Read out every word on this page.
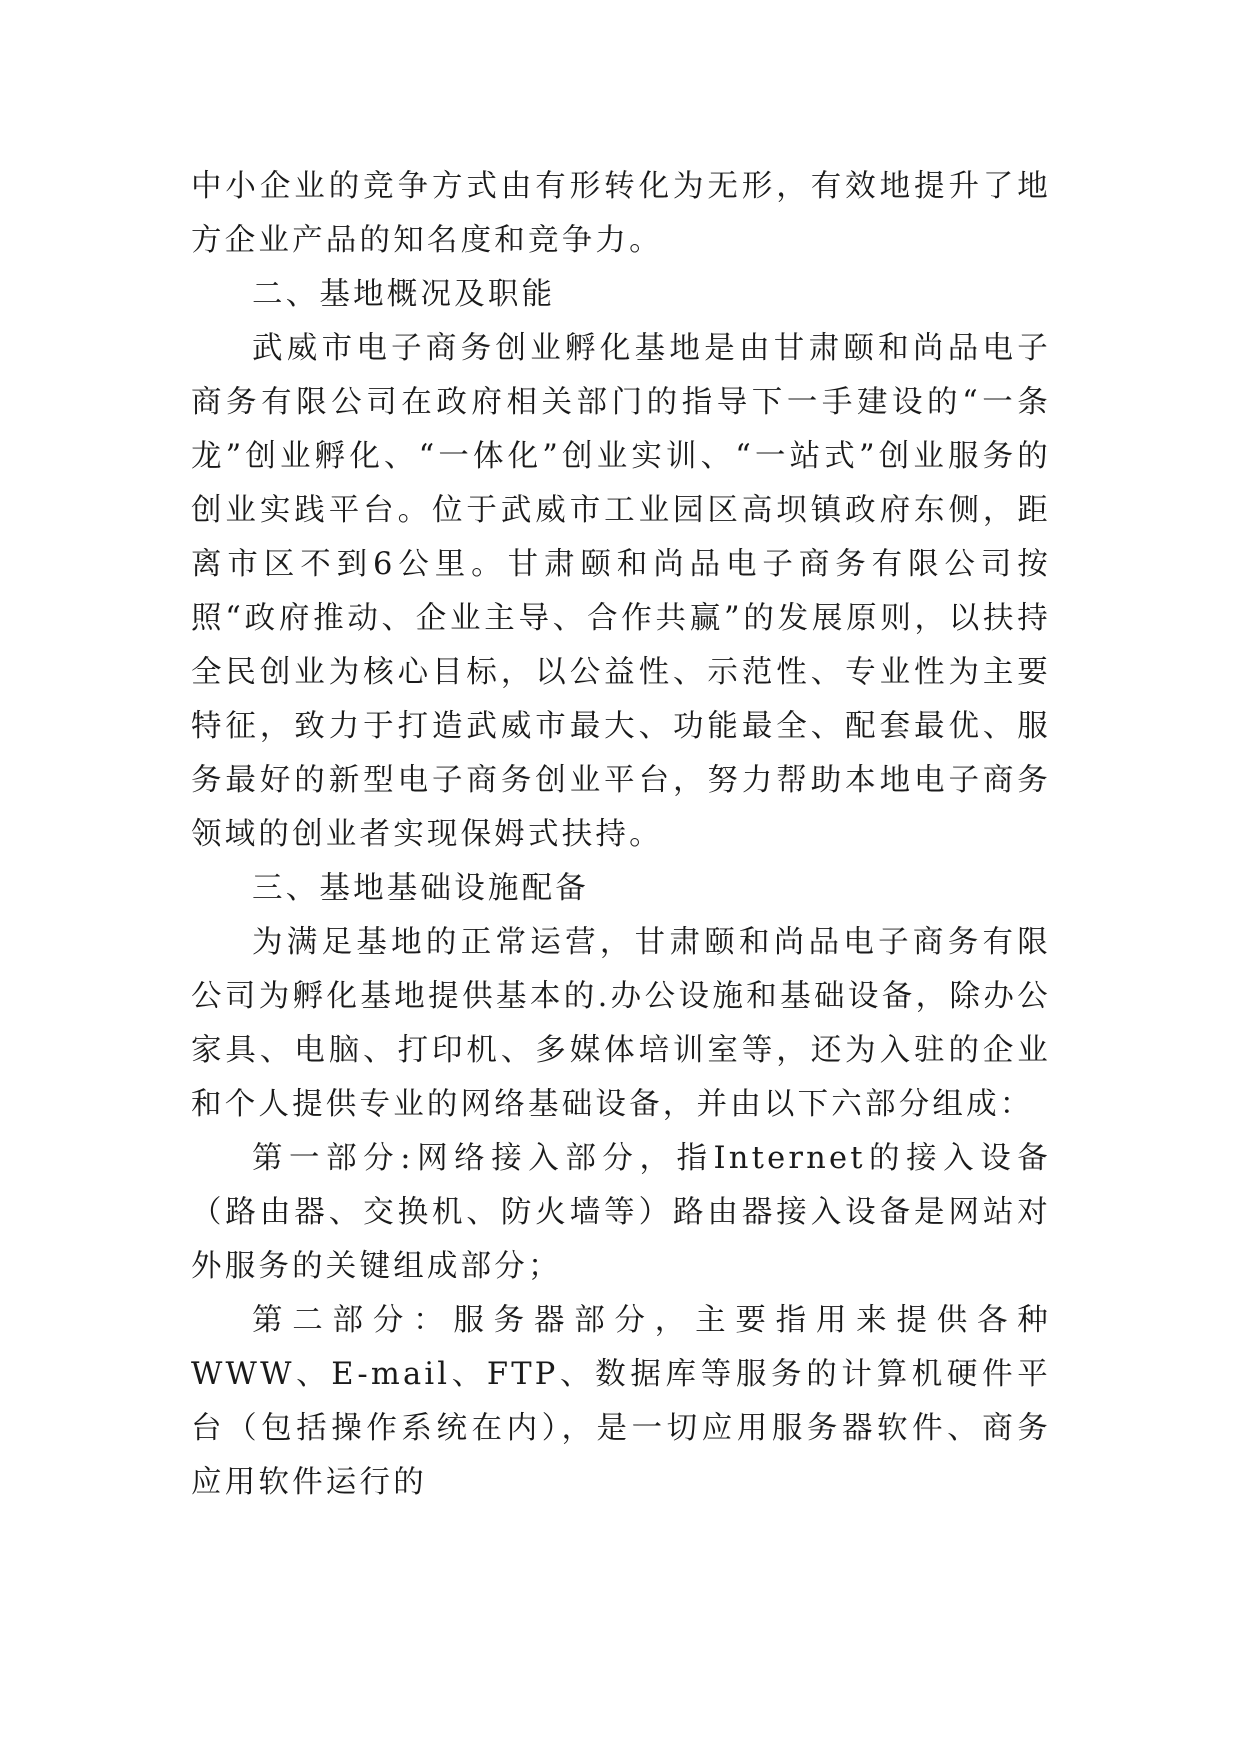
中小企业的竞争方式由有形转化为无形，有效地提升了地方企业产品的知名度和竞争力。

二、基地概况及职能

武威市电子商务创业孵化基地是由甘肃颐和尚品电子商务有限公司在政府相关部门的指导下一手建设的“一条龙”创业孵化、“一体化”创业实训、“一站式”创业服务的创业实践平台。位于武威市工业园区高坝镇政府东侧，距离市区不到6公里。甘肃颐和尚品电子商务有限公司按照“政府推动、企业主导、合作共赢”的发展原则，以扶持全民创业为核心目标，以公益性、示范性、专业性为主要特征，致力于打造武威市最大、功能最全、配套最优、服务最好的新型电子商务创业平台，努力帮助本地电子商务领域的创业者实现保姆式扶持。

三、基地基础设施配备

为满足基地的正常运营，甘肃颐和尚品电子商务有限公司为孵化基地提供基本的.办公设施和基础设备，除办公家具、电脑、打印机、多媒体培训室等，还为入驻的企业和个人提供专业的网络基础设备，并由以下六部分组成：

第一部分:网络接入部分，指Internet的接入设备（路由器、交换机、防火墙等）路由器接入设备是网站对外服务的关键组成部分；

第二部分：服务器部分，主要指用来提供各种WWW、E-mail、FTP、数据库等服务的计算机硬件平台（包括操作系统在内），是一切应用服务器软件、商务应用软件运行的
